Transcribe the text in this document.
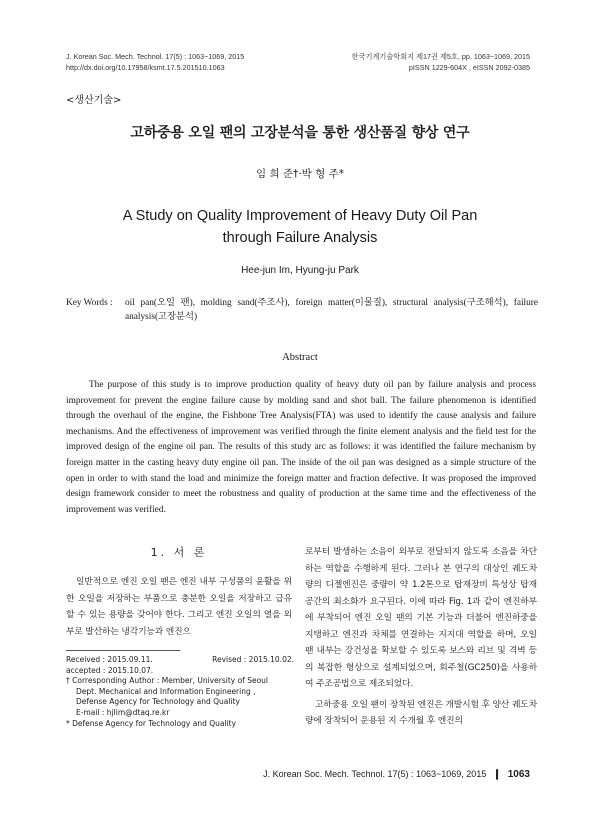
J. Korean Soc. Mech. Technol. 17(5) : 1063~1069, 2015
http://dx.doi.org/10.17958/ksmt.17.5.201510.1063
한국기계기술학회지 제17권 제5호, pp. 1063~1069, 2015
pISSN 1229-604X , eISSN 2092-0385
<생산기술>
고하중용 오일 팬의 고장분석을 통한 생산품질 향상 연구
임 희 준†·박 형 주*
A Study on Quality Improvement of Heavy Duty Oil Pan
through Failure Analysis
Hee-jun Im, Hyung-ju Park
Key Words : oil pan(오일 팬), molding sand(주조사), foreign matter(이물질), structural analysis(구조해석), failure analysis(고장분석)
Abstract
The purpose of this study is to improve production quality of heavy duty oil pan by failure analysis and process improvement for prevent the engine failure cause by molding sand and shot ball. The failure phenomenon is identified through the overhaul of the engine, the Fishbone Tree Analysis(FTA) was used to identify the cause analysis and failure mechanisms. And the effectiveness of improvement was verified through the finite element analysis and the field test for the improved design of the engine oil pan. The results of this study arc as follows: it was identified the failure mechanism by foreign matter in the casting heavy duty engine oil pan. The inside of the oil pan was designed as a simple structure of the open in order to with stand the load and minimize the foreign matter and fraction defective. It was proposed the improved design framework consider to meet the robustness and quality of production at the same time and the effectiveness of the improvement was verified.
1. 서 론

일반적으로 엔진 오일 팬은 엔진 내부 구성품의 윤활을 위한 오일을 저장하는 부품으로 충분한 오일을 저장하고 급유 할 수 있는 용량을 갖어야 한다. 그리고 엔진 오일의 열을 외부로 발산하는 냉각기능과 엔진으

로부터 발생하는 소음이 외부로 전달되지 않도록 소음을 차단하는 역할을 수행하게 된다. 그러나 본 연구의 대상인 궤도차량의 디젤엔진은 중량이 약 1.2톤으로 탑재장비 특성상 탑재공간의 최소화가 요구된다. 이에 따라 Fig. 1과 같이 엔진하부에 부착되어 엔진 오일 팬의 기본 기능과 더불어 엔진하중을 지탱하고 엔진과 차체를 연결하는 지지대 역할을 하며, 오일 팬 내부는 강건성을 확보할 수 있도록 보스와 리브 및 격벽 등의 복잡한 형상으로 설계되었으며, 회주철(GC250)을 사용하여 주조공법으로 제조되었다.

고하중용 오일 팬이 장착된 엔진은 개발시험 후 양산 궤도차량에 장착되어 운용된 지 수개월 후 엔진의

Received : 2015.09.11.	Revised : 2015.10.02.
accepted : 2015.10.07.
† Corresponding Author : Member, University of Seoul
Dept. Mechanical and Information Engineering ,
Defense Agency for Technology and Quality
E-mail : hjlim@dtaq.re.kr
* Defense Agency for Technology and Quality
J. Korean Soc. Mech. Technol. 17(5) : 1063~1069, 2015 ❙ 1063
